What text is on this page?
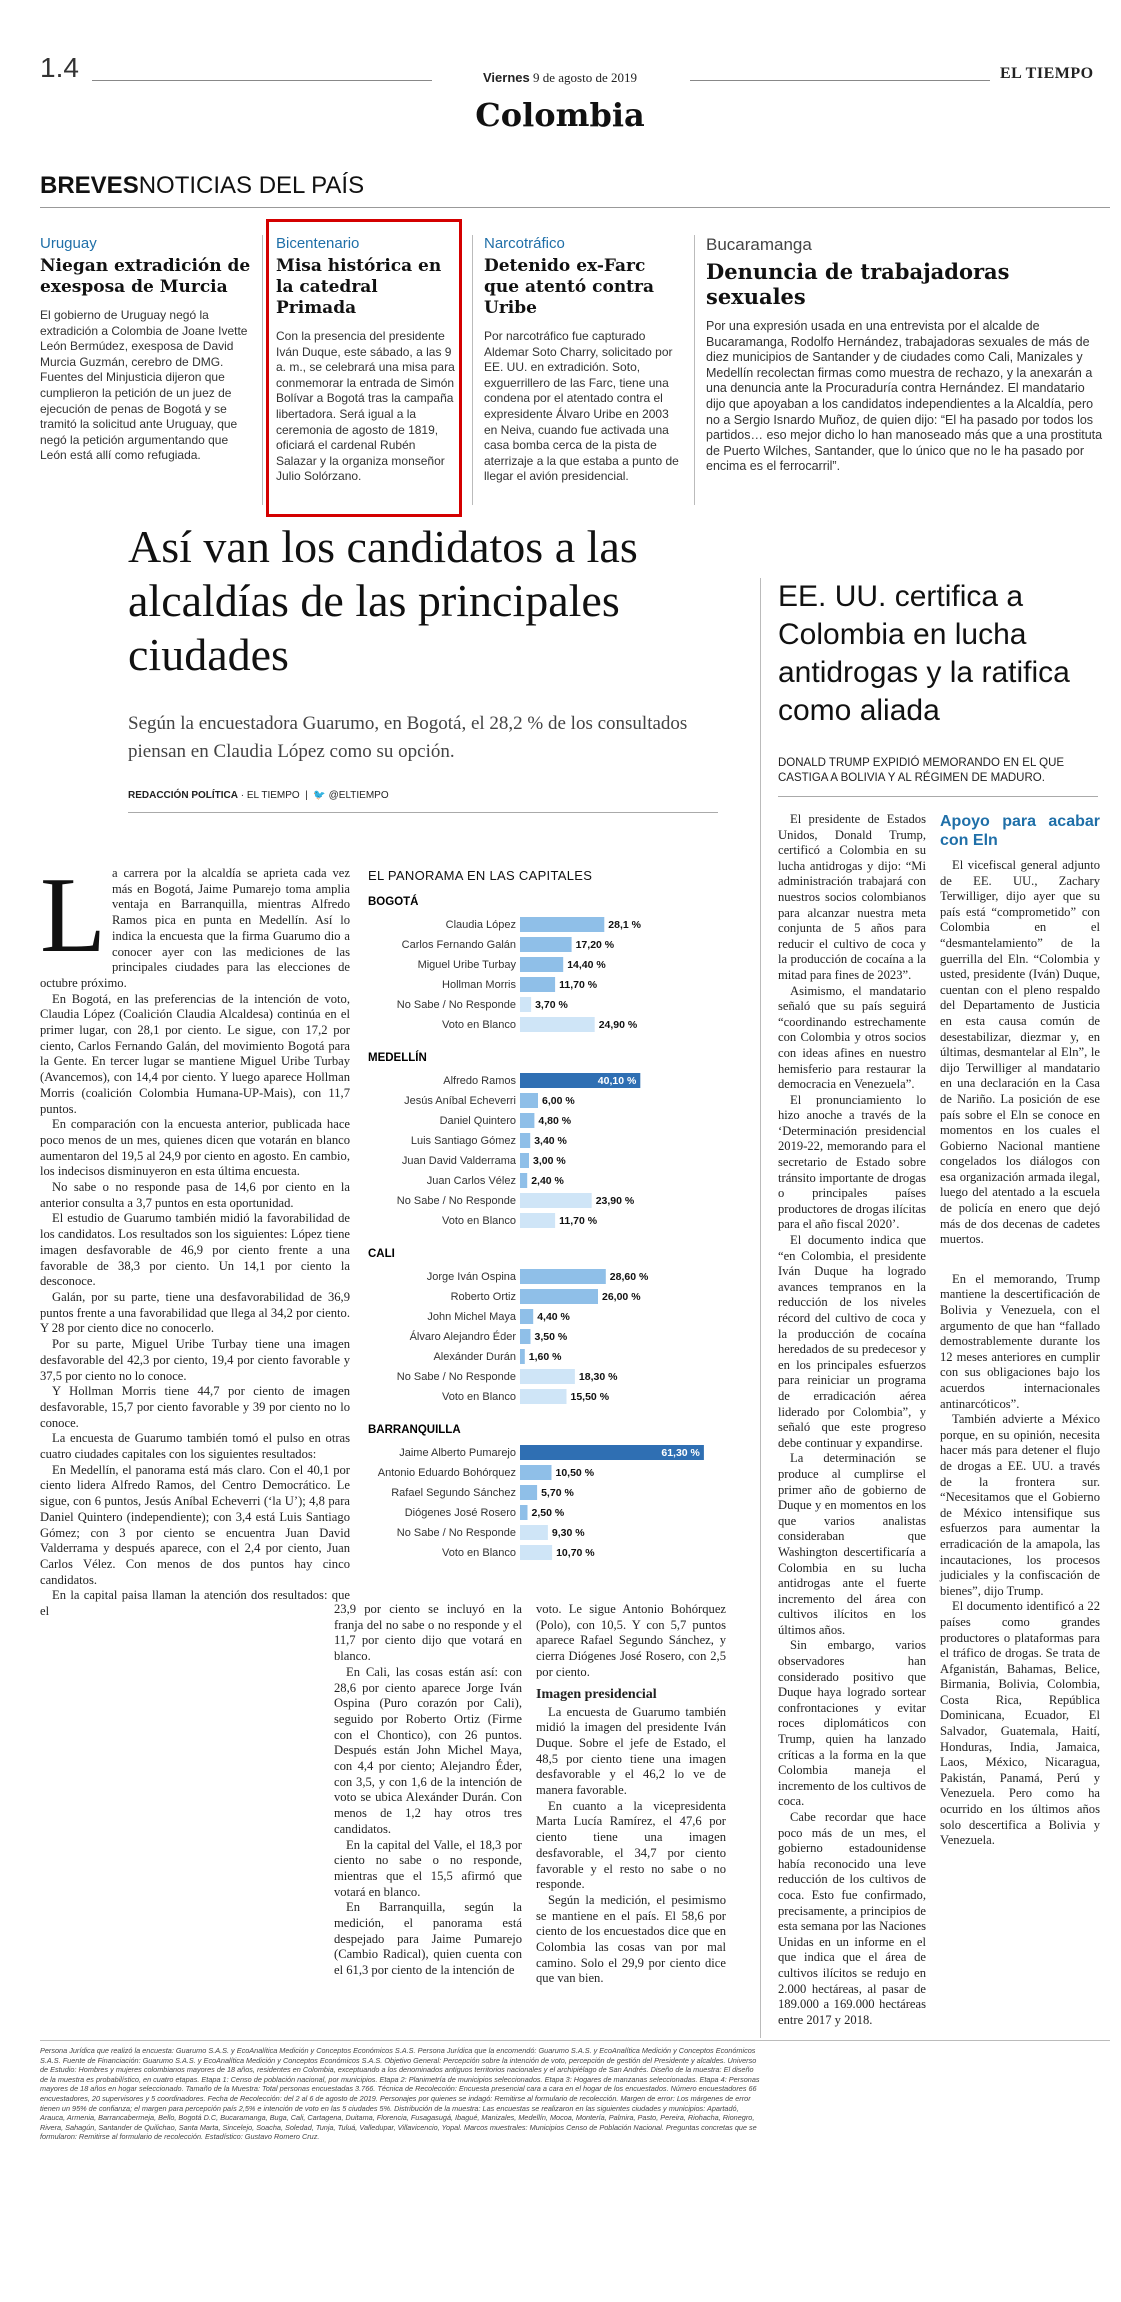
1.4	Viernes 9 de agosto de 2019	EL TIEMPO
Colombia
BREVESNOTICIAS DEL PAÍS
Uruguay
Niegan extradición de exesposa de Murcia
El gobierno de Uruguay negó la extradición a Colombia de Joane Ivette León Bermúdez, exesposa de David Murcia Guzmán, cerebro de DMG. Fuentes del Minjusticia dijeron que cumplieron la petición de un juez de ejecución de penas de Bogotá y se tramitó la solicitud ante Uruguay, que negó la petición argumentando que León está allí como refugiada.
Bicentenario
Misa histórica en la catedral Primada
Con la presencia del presidente Iván Duque, este sábado, a las 9 a. m., se celebrará una misa para conmemorar la entrada de Simón Bolívar a Bogotá tras la campaña libertadora. Será igual a la ceremonia de agosto de 1819, oficiará el cardenal Rubén Salazar y la organiza monseñor Julio Solórzano.
Narcotráfico
Detenido ex-Farc que atentó contra Uribe
Por narcotráfico fue capturado Aldemar Soto Charry, solicitado por EE. UU. en extradición. Soto, exguerrillero de las Farc, tiene una condena por el atentado contra el expresidente Álvaro Uribe en 2003 en Neiva, cuando fue activada una casa bomba cerca de la pista de aterrizaje a la que estaba a punto de llegar el avión presidencial.
Bucaramanga
Denuncia de trabajadoras sexuales
Por una expresión usada en una entrevista por el alcalde de Bucaramanga, Rodolfo Hernández, trabajadoras sexuales de más de diez municipios de Santander y de ciudades como Cali, Manizales y Medellín recolectan firmas como muestra de rechazo, y la anexarán a una denuncia ante la Procuraduría contra Hernández. El mandatario dijo que apoyaban a los candidatos independientes a la Alcaldía, pero no a Sergio Isnardo Muñoz, de quien dijo: “El ha pasado por todos los partidos… eso mejor dicho lo han manoseado más que a una prostituta de Puerto Wilches, Santander, que lo único que no le ha pasado por encima es el ferrocarril”.
Así van los candidatos a las alcaldías de las principales ciudades
Según la encuestadora Guarumo, en Bogotá, el 28,2 % de los consultados piensan en Claudia López como su opción.
REDACCIÓN POLÍTICA · EL TIEMPO  |  🐦 @ELTIEMPO
L a carrera por la alcaldía se aprieta cada vez más en Bogotá, Jaime Pumarejo toma amplia ventaja en Barranquilla, mientras Alfredo Ramos pica en punta en Medellín. Así lo indica la encuesta que la firma Guarumo dio a conocer ayer con las mediciones de las principales ciudades para las elecciones de octubre próximo.

En Bogotá, en las preferencias de la intención de voto, Claudia López (Coalición Claudia Alcaldesa) continúa en el primer lugar, con 28,1 por ciento. Le sigue, con 17,2 por ciento, Carlos Fernando Galán, del movimiento Bogotá para la Gente. En tercer lugar se mantiene Miguel Uribe Turbay (Avancemos), con 14,4 por ciento. Y luego aparece Hollman Morris (coalición Colombia Humana-UP-Mais), con 11,7 puntos.

En comparación con la encuesta anterior, publicada hace poco menos de un mes, quienes dicen que votarán en blanco aumentaron del 19,5 al 24,9 por ciento en agosto. En cambio, los indecisos disminuyeron en esta última encuesta.

No sabe o no responde pasa de 14,6 por ciento en la anterior consulta a 3,7 puntos en esta oportunidad.

El estudio de Guarumo también midió la favorabilidad de los candidatos. Los resultados son los siguientes: López tiene imagen desfavorable de 46,9 por ciento frente a una favorable de 38,3 por ciento. Un 14,1 por ciento la desconoce.

Galán, por su parte, tiene una desfavorabilidad de 36,9 puntos frente a una favorabilidad que llega al 34,2 por ciento. Y 28 por ciento dice no conocerlo.

Por su parte, Miguel Uribe Turbay tiene una imagen desfavorable del 42,3 por ciento, 19,4 por ciento favorable y 37,5 por ciento no lo conoce.

Y Hollman Morris tiene 44,7 por ciento de imagen desfavorable, 15,7 por ciento favorable y 39 por ciento no lo conoce.

La encuesta de Guarumo también tomó el pulso en otras cuatro ciudades capitales con los siguientes resultados:

En Medellín, el panorama está más claro. Con el 40,1 por ciento lidera Alfredo Ramos, del Centro Democrático. Le sigue, con 6 puntos, Jesús Aníbal Echeverri (‘la U’); 4,8 para Daniel Quintero (independiente); con 3,4 está Luis Santiago Gómez; con 3 por ciento se encuentra Juan David Valderrama y después aparece, con el 2,4 por ciento, Juan Carlos Vélez. Con menos de dos puntos hay cinco candidatos.

En la capital paisa llaman la atención dos resultados: que el	23,9 por ciento se incluyó en la franja del no sabe o no responde y el 11,7 por ciento dijo que votará en blanco.

En Cali, las cosas están así: con 28,6 por ciento aparece Jorge Iván Ospina (Puro corazón por Cali), seguido por Roberto Ortiz (Firme con el Chontico), con 26 puntos. Después están John Michel Maya, con 4,4 por ciento; Alejandro Éder, con 3,5, y con 1,6 de la intención de voto se ubica Alexánder Durán. Con menos de 1,2 hay otros tres candidatos.

En la capital del Valle, el 18,3 por ciento no sabe o no responde, mientras que el 15,5 afirmó que votará en blanco.

En Barranquilla, según la medición, el panorama está despejado para Jaime Pumarejo (Cambio Radical), quien cuenta con el 61,3 por ciento de la intención de

voto. Le sigue Antonio Bohórquez (Polo), con 10,5. Y con 5,7 puntos aparece Rafael Segundo Sánchez, y cierra Diógenes José Rosero, con 2,5 por ciento.

Imagen presidencial

La encuesta de Guarumo también midió la imagen del presidente Iván Duque. Sobre el jefe de Estado, el 48,5 por ciento tiene una imagen desfavorable y el 46,2 lo ve de manera favorable.

En cuanto a la vicepresidenta Marta Lucía Ramírez, el 47,6 por ciento tiene una imagen desfavorable, el 34,7 por ciento favorable y el resto no sabe o no responde.

Según la medición, el pesimismo se mantiene en el país. El 58,6 por ciento de los encuestados dice que en Colombia las cosas van por mal camino. Solo el 29,9 por ciento dice que van bien.

EL PANORAMA EN LAS CAPITALES
BOGOTÁ
Claudia López	28,1 %
Carlos Fernando Galán	17,20 %
Miguel Uribe Turbay	14,40 %
Hollman Morris	11,70 %
No Sabe / No Responde 3,70 %
Voto en Blanco	24,90 %
MEDELLÍN
Alfredo Ramos	40,10 %
Jesús Aníbal Echeverri 6,00 %
Daniel Quintero 4,80 %
Luis Santiago Gómez 3,40 %
Juan David Valderrama 3,00 %
Juan Carlos Vélez 2,40 %
No Sabe / No Responde	23,90 %
Voto en Blanco	11,70 %
CALI
Jorge Iván Ospina	28,60 %
Roberto Ortiz	26,00 %
John Michel Maya 4,40 %
Álvaro Alejandro Éder 3,50 %
Alexánder Durán 1,60 %
No Sabe / No Responde	18,30 %
Voto en Blanco	15,50 %
BARRANQUILLA
Jaime Alberto Pumarejo	61,30 %
Antonio Eduardo Bohórquez	10,50 %
Rafael Segundo Sánchez 5,70 %
Diógenes José Rosero 2,50 %
No Sabe / No Responde	9,30 %
Voto en Blanco	10,70 %
EE. UU. certifica a Colombia en lucha antidrogas y la ratifica como aliada
DONALD TRUMP EXPIDIÓ MEMORANDO EN EL QUE CASTIGA A BOLIVIA Y AL RÉGIMEN DE MADURO.

El presidente de Estados Unidos, Donald Trump, certificó a Colombia en su lucha antidrogas y dijo: “Mi administración trabajará con nuestros socios colombianos para alcanzar nuestra meta conjunta de 5 años para reducir el cultivo de coca y la producción de cocaína a la mitad para fines de 2023”.

Asimismo, el mandatario señaló que su país seguirá “coordinando estrechamente con Colombia y otros socios con ideas afines en nuestro hemisferio para restaurar la democracia en Venezuela”.

El pronunciamiento lo hizo anoche a través de la ‘Determinación presidencial 2019-22, memorando para el secretario de Estado sobre tránsito importante de drogas o principales países productores de drogas ilícitas para el año fiscal 2020’.

El documento indica que “en Colombia, el presidente Iván Duque ha logrado avances tempranos en la reducción de los niveles récord del cultivo de coca y la producción de cocaína heredados de su predecesor y en los principales esfuerzos para reiniciar un programa de erradicación aérea liderado por Colombia”, y señaló que este progreso debe continuar y expandirse.

La determinación se produce al cumplirse el primer año de gobierno de Duque y en momentos en los que varios analistas consideraban que Washington descertificaría a Colombia en su lucha antidrogas ante el fuerte incremento del área con cultivos ilícitos en los últimos años.

Sin embargo, varios observadores han considerado positivo que Duque haya logrado sortear confrontaciones y evitar roces diplomáticos con Trump, quien ha lanzado críticas a la forma en la que Colombia maneja el incremento de los cultivos de coca.

Cabe recordar que hace poco más de un mes, el gobierno estadounidense había reconocido una leve reducción de los cultivos de coca. Esto fue confirmado, precisamente, a principios de esta semana por las Naciones Unidas en un informe en el que indica que el área de cultivos ilícitos se redujo en 2.000 hectáreas, al pasar de 189.000 a 169.000 hectáreas entre 2017 y 2018.

Apoyo para acabar con Eln

El vicefiscal general adjunto de EE. UU., Zachary Terwilliger, dijo ayer que su país está “comprometido” con Colombia en el “desmantelamiento” de la guerrilla del Eln. “Colombia y usted, presidente (Iván) Duque, cuentan con el pleno respaldo del Departamento de Justicia en esta causa común de desestabilizar, diezmar y, en últimas, desmantelar al Eln”, le dijo Terwilliger al mandatario en una declaración en la Casa de Nariño. La posición de ese país sobre el Eln se conoce en momentos en los cuales el Gobierno Nacional mantiene congelados los diálogos con esa organización armada ilegal, luego del atentado a la escuela de policía en enero que dejó más de dos decenas de cadetes muertos.

En el memorando, Trump mantiene la descertificación de Bolivia y Venezuela, con el argumento de que han “fallado demostrablemente durante los 12 meses anteriores en cumplir con sus obligaciones bajo los acuerdos internacionales antinarcóticos”.

También advierte a México porque, en su opinión, necesita hacer más para detener el flujo de drogas a EE. UU. a través de la frontera sur. “Necesitamos que el Gobierno de México intensifique sus esfuerzos para aumentar la erradicación de la amapola, las incautaciones, los procesos judiciales y la confiscación de bienes”, dijo Trump.

El documento identificó a 22 países como grandes productores o plataformas para el tráfico de drogas. Se trata de Afganistán, Bahamas, Belice, Birmania, Bolivia, Colombia, Costa Rica, República Dominicana, Ecuador, El Salvador, Guatemala, Haití, Honduras, India, Jamaica, Laos, México, Nicaragua, Pakistán, Panamá, Perú y Venezuela. Pero como ha ocurrido en los últimos años solo descertifica a Bolivia y Venezuela.

Persona Jurídica que realizó la encuesta: Guarumo S.A.S. y EcoAnalítica Medición y Conceptos Económicos S.A.S. Persona Jurídica que la encomendó: Guarumo S.A.S. y EcoAnalítica Medición y Conceptos Económicos S.A.S. Fuente de Financiación: Guarumo S.A.S. y EcoAnalítica Medición y Conceptos Económicos S.A.S. Objetivo General: Percepción sobre la intención de voto, percepción de gestión del Presidente y alcaldes. Universo de Estudio: Hombres y mujeres colombianos mayores de 18 años, residentes en Colombia, exceptuando a los denominados antiguos territorios nacionales y el archipiélago de San Andrés. Diseño de la muestra: El diseño de la muestra es probabilístico, en cuatro etapas. Etapa 1: Censo de población nacional, por municipios. Etapa 2: Planimetría de municipios seleccionados. Etapa 3: Hogares de manzanas seleccionadas. Etapa 4: Personas mayores de 18 años en hogar seleccionado. Tamaño de la Muestra: Total personas encuestadas 3.766. Técnica de Recolección: Encuesta presencial cara a cara en el hogar de los encuestados. Número encuestadores 66 encuestadores, 20 supervisores y 5 coordinadores. Fecha de Recolección: del 2 al 6 de agosto de 2019. Personajes por quienes se indagó: Remitirse al formulario de recolección. Margen de error: Los márgenes de error tienen un 95% de confianza; el margen para percepción país 2,5% e intención de voto en las 5 ciudades 5%. Distribución de la muestra: Las encuestas se realizaron en las siguientes ciudades y municipios: Apartadó, Arauca, Armenia, Barrancabermeja, Bello, Bogotá D.C, Bucaramanga, Buga, Cali, Cartagena, Duitama, Florencia, Fusagasugá, Ibagué, Manizales, Medellín, Mocoa, Montería, Palmira, Pasto, Pereira, Riohacha, Rionegro, Rivera, Sahagún, Santander de Quilichao, Santa Marta, Sincelejo, Soacha, Soledad, Tunja, Tuluá, Valledupar, Villavicencio, Yopal. Marcos muestrales: Municipios Censo de Población Nacional. Preguntas concretas que se formularon: Remitirse al formulario de recolección. Estadístico: Gustavo Romero Cruz.
